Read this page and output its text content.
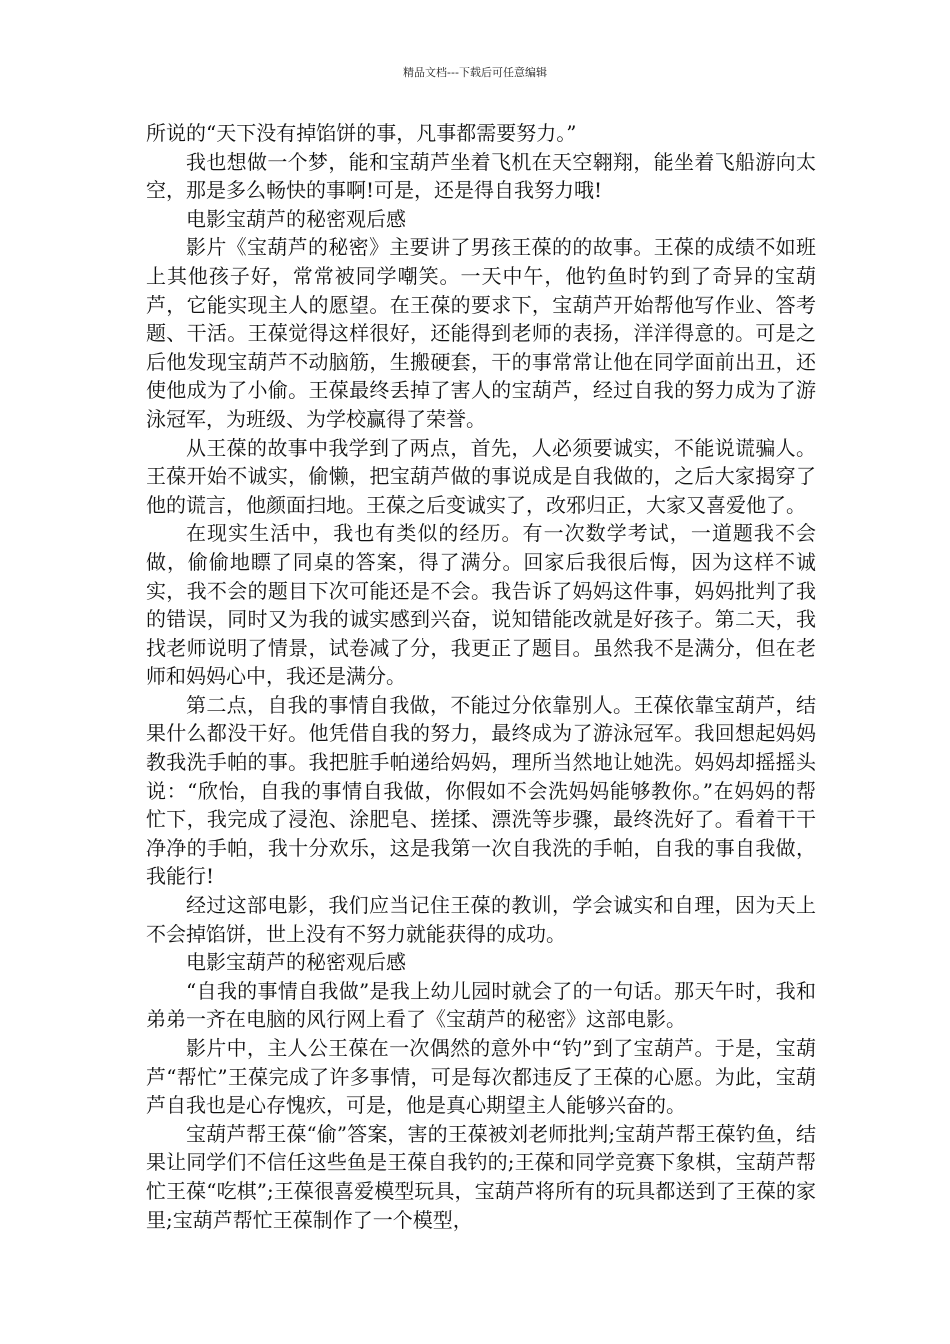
精品文档---下载后可任意编辑

所说的“天下没有掉馅饼的事，凡事都需要努力。”

我也想做一个梦，能和宝葫芦坐着飞机在天空翱翔，能坐着飞船游向太空，那是多么畅快的事啊!可是，还是得自我努力哦!

电影宝葫芦的秘密观后感

影片《宝葫芦的秘密》主要讲了男孩王葆的的故事。王葆的成绩不如班上其他孩子好，常常被同学嘲笑。一天中午，他钓鱼时钓到了奇异的宝葫芦，它能实现主人的愿望。在王葆的要求下，宝葫芦开始帮他写作业、答考题、干活。王葆觉得这样很好，还能得到老师的表扬，洋洋得意的。可是之后他发现宝葫芦不动脑筋，生搬硬套，干的事常常让他在同学面前出丑，还使他成为了小偷。王葆最终丢掉了害人的宝葫芦，经过自我的努力成为了游泳冠军，为班级、为学校赢得了荣誉。

从王葆的故事中我学到了两点，首先，人必须要诚实，不能说谎骗人。王葆开始不诚实，偷懒，把宝葫芦做的事说成是自我做的，之后大家揭穿了他的谎言，他颜面扫地。王葆之后变诚实了，改邪归正，大家又喜爱他了。

在现实生活中，我也有类似的经历。有一次数学考试，一道题我不会做，偷偷地瞟了同桌的答案，得了满分。回家后我很后悔，因为这样不诚实，我不会的题目下次可能还是不会。我告诉了妈妈这件事，妈妈批判了我的错误，同时又为我的诚实感到兴奋，说知错能改就是好孩子。第二天，我找老师说明了情景，试卷减了分，我更正了题目。虽然我不是满分，但在老师和妈妈心中，我还是满分。

第二点，自我的事情自我做，不能过分依靠别人。王葆依靠宝葫芦，结果什么都没干好。他凭借自我的努力，最终成为了游泳冠军。我回想起妈妈教我洗手帕的事。我把脏手帕递给妈妈，理所当然地让她洗。妈妈却摇摇头说：“欣怡，自我的事情自我做，你假如不会洗妈妈能够教你。”在妈妈的帮忙下，我完成了浸泡、涂肥皂、搓揉、漂洗等步骤，最终洗好了。看着干干净净的手帕，我十分欢乐，这是我第一次自我洗的手帕，自我的事自我做，我能行!

经过这部电影，我们应当记住王葆的教训，学会诚实和自理，因为天上不会掉馅饼，世上没有不努力就能获得的成功。

电影宝葫芦的秘密观后感

“自我的事情自我做”是我上幼儿园时就会了的一句话。那天午时，我和弟弟一齐在电脑的风行网上看了《宝葫芦的秘密》这部电影。

影片中，主人公王葆在一次偶然的意外中“钓”到了宝葫芦。于是，宝葫芦“帮忙”王葆完成了许多事情，可是每次都违反了王葆的心愿。为此，宝葫芦自我也是心存愧疚，可是，他是真心期望主人能够兴奋的。

宝葫芦帮王葆“偷”答案，害的王葆被刘老师批判;宝葫芦帮王葆钓鱼，结果让同学们不信任这些鱼是王葆自我钓的;王葆和同学竞赛下象棋，宝葫芦帮忙王葆“吃棋”;王葆很喜爱模型玩具，宝葫芦将所有的玩具都送到了王葆的家里;宝葫芦帮忙王葆制作了一个模型，
